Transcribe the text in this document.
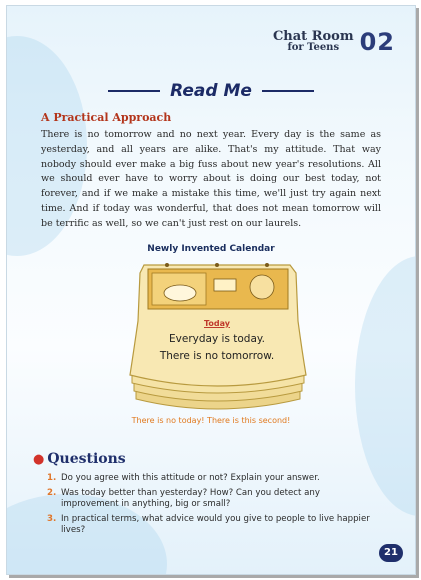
Chat Room
for Teens 02
Read Me
A Practical Approach
There is no tomorrow and no next year. Every day is the same as yesterday, and all years are alike. That's my attitude. That way nobody should ever make a big fuss about new year's resolutions. All we should ever have to worry about is doing our best today, not forever, and if we make a mistake this time, we'll just try again next time. And if today was wonderful, that does not mean tomorrow will be terrific as well, so we can't just rest on our laurels.
Newly Invented Calendar
Today
Everyday is today.
There is no tomorrow.
There is no today! There is this second!
● Questions
1. Do you agree with this attitude or not? Explain your answer.
2. Was today better than yesterday? How? Can you detect any improvement in anything, big or small?
3. In practical terms, what advice would you give to people to live happier lives?
21
